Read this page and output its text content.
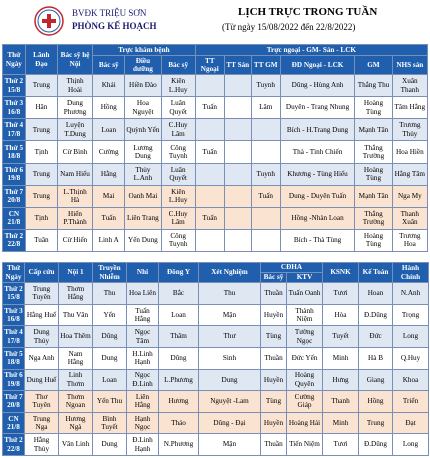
BVĐK TRIỆU SƠN
PHÒNG KẾ HOẠCH
LỊCH TRỰC TRONG TUẦN
(Từ ngày 15/08/2022 đến 22/8/2022)
Thứ Ngày	Lãnh Đạo	Bác sỹ hệ Nội	Trực khám bệnh			Trực ngoại - GM- Sản - LCK					
			Bác sỹ	Điều dưỡng	Bác sỹ	TT Ngoại	TT Sản	TT GM	ĐD Ngoại - LCK	GM	NHS sản
Thứ 2 15/8	Trung	Thịnh Hoài	Khải	Hiền Đào	Kiên L.Huy			Tuynh	Dũng - Hùng Anh	Thắng Thu	Xuân Thanh
Thứ 3 16/8	Hân	Dung Phương	Hồng	Hoa Nguyệt	Luân Quyết	Tuấn		Lâm	Duyên - Trang Nhung	Hoàng Tùng	Tâm Hằng
Thứ 4 17/8	Trung	Luyện T.Dung	Loan	Quỳnh Yến	C.Huy Lâm				Bích - H.Trang Dung	Mạnh Tân	Trương Thủy
Thứ 5 18/8	Tịnh	Cừ Bình	Cường	Lương Dung	Công Tuynh	Tuấn			Thà - Tình Chiến	Thắng Trường	Hoa Hiền
Thứ 6 19/8	Trung	Nam Hiếu	Hằng	Thủy L.Anh	Luân Quyết			Tuynh	Khương - Tùng Hiếu	Hoàng Tùng	Hằng Tâm
Thứ 7 20/8	Trung	L.Thịnh Hà	Mai	Oanh Mai	Kiên L.Huy			Tuấn	Dung - Duyên Tuấn	Mạnh Tân	Nga My
CN 21/8	Tịnh	Hiển P.Thành	Tuấn	Liên Trang	C.Huy Lâm	Tuấn			Hồng -Nhàn Loan	Thắng Trường	Thanh Xuân
Thứ 2 22/8	Tuân	Cừ Hiển	Linh A	Yến Dung	Công Tuynh				Bích - Thà Tùng	Hoàng Tùng	Trương Hoa
Thứ Ngày	Cấp cứu	Nội 1	Truyền Nhiễm	Nhi	Đông Y	Xét Nghiệm	CĐHA		KSNK	Kế Toán	Hành Chính
							Bác sỹ	KTV			
Thứ 2 15/8	Trung Tuyên	Thơm Hằng	Thu	Hoa Liên	Bắc	Thu	Thuần	Tuấn Oanh	Tươi	Hoan	N.Anh
Thứ 3 16/8	Hằng Huế	Thu Vân	Yến	Tuấn Hằng	Loan	Mận	Huyền	Thành Niệm	Hòa	Đ.Dũng	Trọng
Thứ 4 17/8	Dung Thủy	Hoa Thêm	Dũng	Ngọc Tâm	Thâm	Thư	Tùng	Tường Ngọc	Tuyết	Đức	Long
Thứ 5 18/8	Nga Anh	Nam Hằng	Dung	H.Linh Hạnh	Dũng	Sinh	Thuần	Đức Yến	Minh	Hà B	Q.Huy
Thứ 6 19/8	Dung Huế	Linh Thơm	Loan	Ngọc Đ.Linh	L.Phương	Dung	Huyền	Hoàng Quyên	Hưng	Giang	Khoa
Thứ 7 20/8	Thơ Tuyên	Thơm Ngoan	Yến Thu	Liên Hằng	Hương	Nguyệt -Lam	Tùng	Cường Giáp	Thanh	Hồng	Triển
CN 21/8	Trung Nga	Hương Ngà	Bình Tuyết	Hạnh Ngọc	Thảo	Dũng - Đại	Huyền	Hoàng Hải	Minh	Trung	Đạt
Thứ 2 22/8	Hằng Thủy	Vân Linh	Dung	Đ.Linh Hạnh	N.Phương	Mận	Thuần	Tiến Niệm	Tươi	Đ.Dũng	Long
